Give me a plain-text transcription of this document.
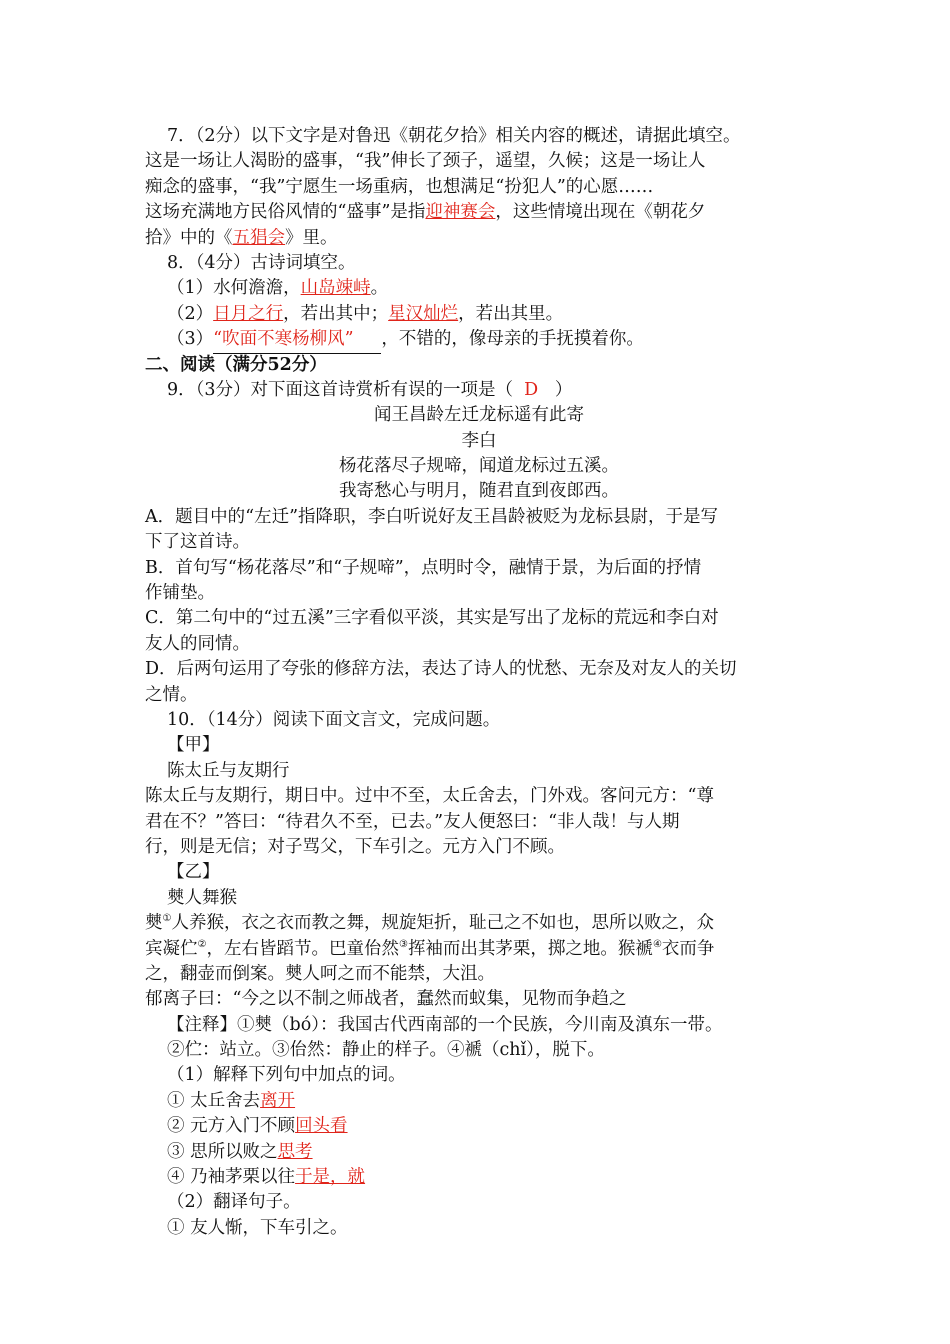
7．（2分）以下文字是对鲁迅《朝花夕拾》相关内容的概述，请据此填空。
这是一场让人渴盼的盛事，“我”伸长了颈子，遥望，久候；这是一场让人
痴念的盛事，“我”宁愿生一场重病，也想满足“扮犯人”的心愿……
这场充满地方民俗风情的“盛事”是指迎神赛会，这些情境出现在《朝花夕
拾》中的《五猖会》里。
8．（4分）古诗词填空。
（1）水何澹澹，山岛竦峙。
（2）日月之行，若出其中；星汉灿烂，若出其里。
（3）“吹面不寒杨柳风” ，不错的，像母亲的手抚摸着你。
二、阅读（满分52分）
9．（3分）对下面这首诗赏析有误的一项是（ D ）
闻王昌龄左迁龙标遥有此寄
李白
杨花落尽子规啼，闻道龙标过五溪。
我寄愁心与明月，随君直到夜郎西。
A．题目中的“左迁”指降职，李白听说好友王昌龄被贬为龙标县尉，于是写
下了这首诗。
B．首句写“杨花落尽”和“子规啼”，点明时令，融情于景，为后面的抒情
作铺垫。
C．第二句中的“过五溪”三字看似平淡，其实是写出了龙标的荒远和李白对
友人的同情。
D．后两句运用了夸张的修辞方法，表达了诗人的忧愁、无奈及对友人的关切
之情。
10．（14分）阅读下面文言文，完成问题。
【甲】
陈太丘与友期行
陈太丘与友期行，期日中。过中不至，太丘舍去，门外戏。客问元方：“尊
君在不？”答曰：“待君久不至，已去。”友人便怒曰：“非人哉！与人期
行，则是无信；对子骂父，下车引之。元方入门不顾。
【乙】
僰人舞猴
僰①人养猴，衣之衣而教之舞，规旋矩折，耻己之不如也，思所以败之，众
宾凝伫②，左右皆蹈节。巴童佁然③挥袖而出其茅栗，掷之地。猴褫④衣而争
之，翻壶而倒案。僰人呵之而不能禁，大沮。
郁离子曰：“今之以不制之师战者，蠢然而蚁集，见物而争趋之
【注释】①僰（bó）：我国古代西南部的一个民族，今川南及滇东一带。
②伫：站立。③佁然：静止的样子。④褫（chǐ），脱下。
（1）解释下列句中加点的词。
① 太丘舍去离开
② 元方入门不顾回头看
③ 思所以败之思考
④ 乃袖茅栗以往于是，就
（2）翻译句子。
① 友人惭，下车引之。
